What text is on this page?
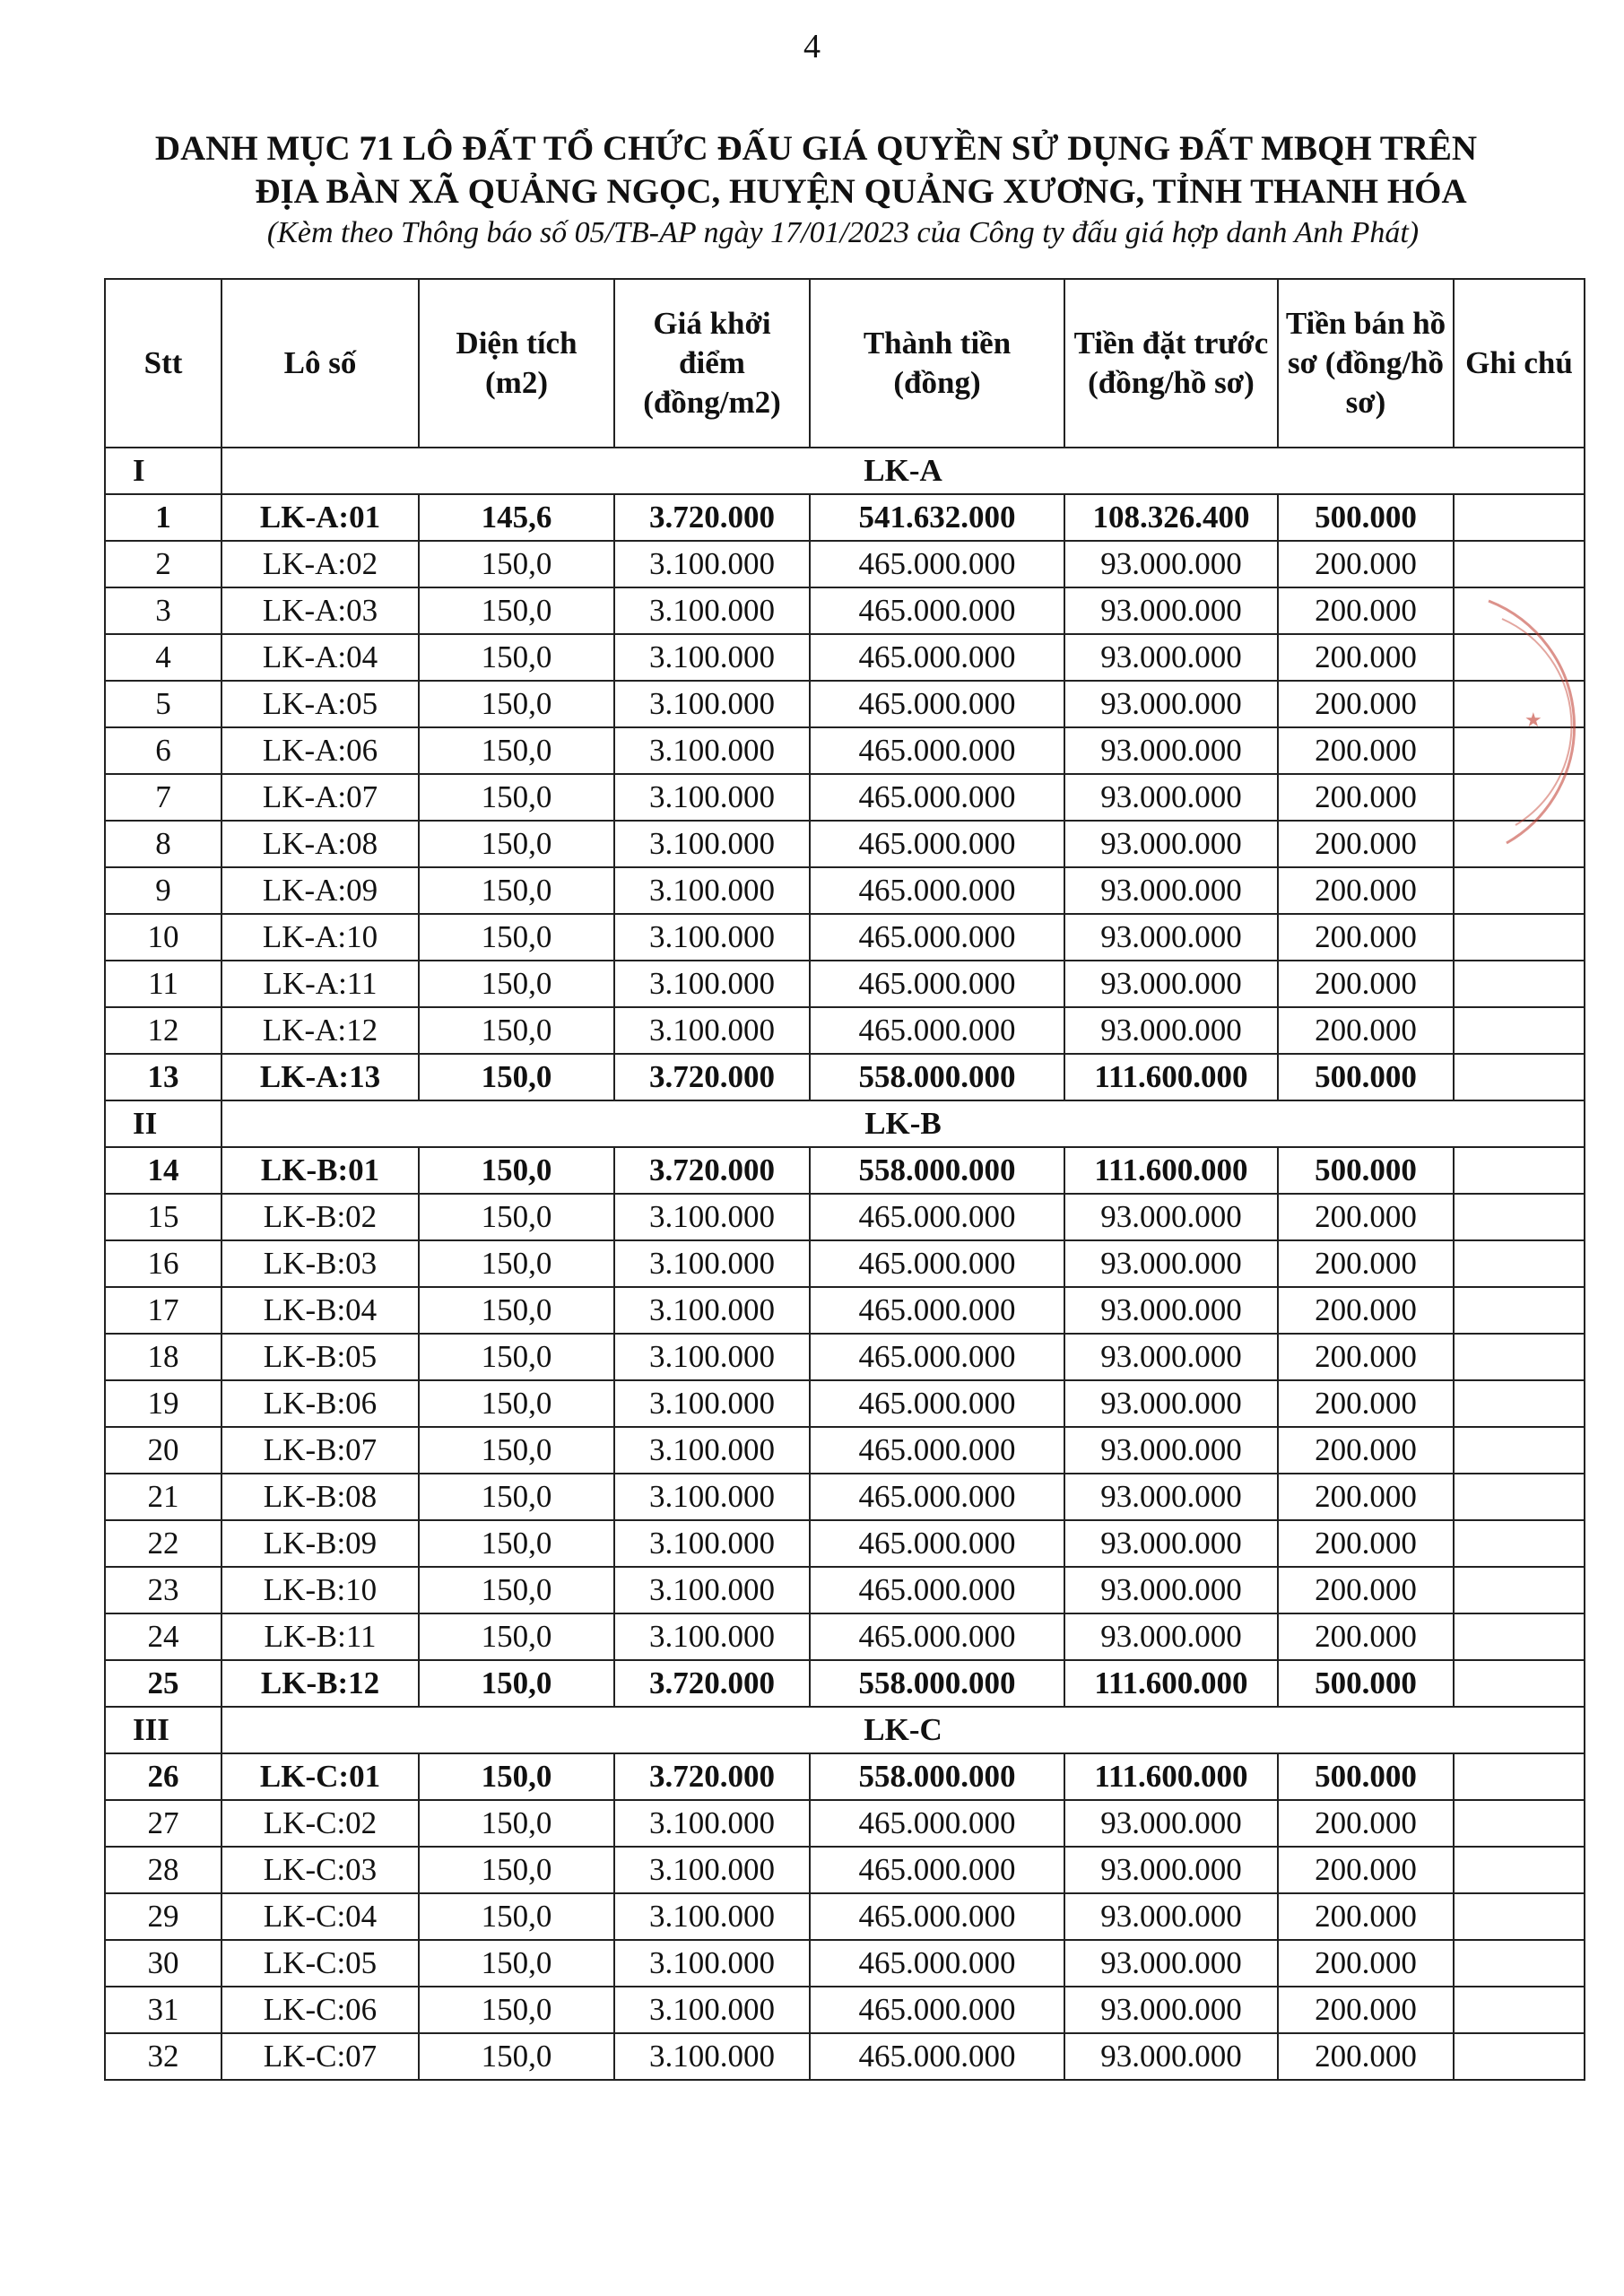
4
DANH MỤC 71 LÔ ĐẤT TỔ CHỨC ĐẤU GIÁ QUYỀN SỬ DỤNG ĐẤT MBQH TRÊN
ĐỊA BÀN XÃ QUẢNG NGỌC, HUYỆN QUẢNG XƯƠNG, TỈNH THANH HÓA
(Kèm theo Thông báo số 05/TB-AP ngày 17/01/2023 của Công ty đấu giá hợp danh Anh Phát)
Stt	Lô số	Diện tích (m2)	Giá khởi điểm (đồng/m2)	Thành tiền (đồng)	Tiền đặt trước (đồng/hồ sơ)	Tiền bán hồ sơ (đồng/hồ sơ)	Ghi chú
I	LK-A						
1	LK-A:01	145,6	3.720.000	541.632.000	108.326.400	500.000	
2	LK-A:02	150,0	3.100.000	465.000.000	93.000.000	200.000	
3	LK-A:03	150,0	3.100.000	465.000.000	93.000.000	200.000	
4	LK-A:04	150,0	3.100.000	465.000.000	93.000.000	200.000	
5	LK-A:05	150,0	3.100.000	465.000.000	93.000.000	200.000	
6	LK-A:06	150,0	3.100.000	465.000.000	93.000.000	200.000	
7	LK-A:07	150,0	3.100.000	465.000.000	93.000.000	200.000	
8	LK-A:08	150,0	3.100.000	465.000.000	93.000.000	200.000	
9	LK-A:09	150,0	3.100.000	465.000.000	93.000.000	200.000	
10	LK-A:10	150,0	3.100.000	465.000.000	93.000.000	200.000	
11	LK-A:11	150,0	3.100.000	465.000.000	93.000.000	200.000	
12	LK-A:12	150,0	3.100.000	465.000.000	93.000.000	200.000	
13	LK-A:13	150,0	3.720.000	558.000.000	111.600.000	500.000	
II	LK-B						
14	LK-B:01	150,0	3.720.000	558.000.000	111.600.000	500.000	
15	LK-B:02	150,0	3.100.000	465.000.000	93.000.000	200.000	
16	LK-B:03	150,0	3.100.000	465.000.000	93.000.000	200.000	
17	LK-B:04	150,0	3.100.000	465.000.000	93.000.000	200.000	
18	LK-B:05	150,0	3.100.000	465.000.000	93.000.000	200.000	
19	LK-B:06	150,0	3.100.000	465.000.000	93.000.000	200.000	
20	LK-B:07	150,0	3.100.000	465.000.000	93.000.000	200.000	
21	LK-B:08	150,0	3.100.000	465.000.000	93.000.000	200.000	
22	LK-B:09	150,0	3.100.000	465.000.000	93.000.000	200.000	
23	LK-B:10	150,0	3.100.000	465.000.000	93.000.000	200.000	
24	LK-B:11	150,0	3.100.000	465.000.000	93.000.000	200.000	
25	LK-B:12	150,0	3.720.000	558.000.000	111.600.000	500.000	
III	LK-C						
26	LK-C:01	150,0	3.720.000	558.000.000	111.600.000	500.000	
27	LK-C:02	150,0	3.100.000	465.000.000	93.000.000	200.000	
28	LK-C:03	150,0	3.100.000	465.000.000	93.000.000	200.000	
29	LK-C:04	150,0	3.100.000	465.000.000	93.000.000	200.000	
30	LK-C:05	150,0	3.100.000	465.000.000	93.000.000	200.000	
31	LK-C:06	150,0	3.100.000	465.000.000	93.000.000	200.000	
32	LK-C:07	150,0	3.100.000	465.000.000	93.000.000	200.000	
★
